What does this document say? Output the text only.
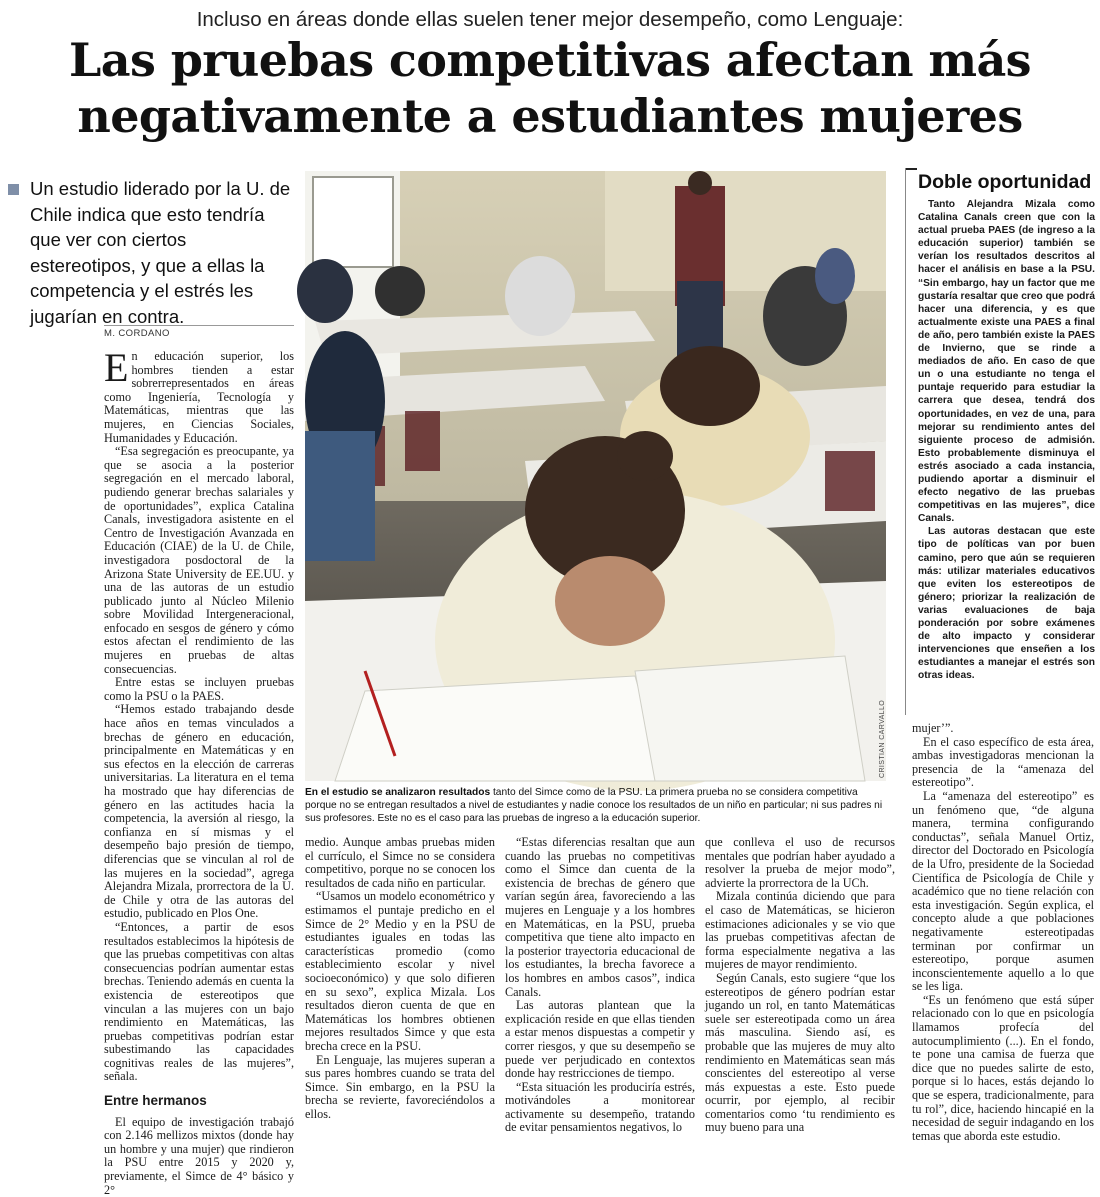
Incluso en áreas donde ellas suelen tener mejor desempeño, como Lenguaje:
Las pruebas competitivas afectan más
negativamente a estudiantes mujeres
Un estudio liderado por la U. de Chile indica que esto tendría que ver con ciertos estereotipos, y que a ellas la competencia y el estrés les jugarían en contra.
M. CORDANO

En educación superior, los hombres tienden a estar sobrerrepresentados en áreas como Ingeniería, Tecnología y Matemáticas, mientras que las mujeres, en Ciencias Sociales, Humanidades y Educación.

“Esa segregación es preocupante, ya que se asocia a la posterior segregación en el mercado laboral, pudiendo generar brechas salariales y de oportunidades”, explica Catalina Canals, investigadora asistente en el Centro de Investigación Avanzada en Educación (CIAE) de la U. de Chile, investigadora posdoctoral de la Arizona State University de EE.UU. y una de las autoras de un estudio publicado junto al Núcleo Milenio sobre Movilidad Intergeneracional, enfocado en sesgos de género y cómo estos afectan el rendimiento de las mujeres en pruebas de altas consecuencias.

Entre estas se incluyen pruebas como la PSU o la PAES.

“Hemos estado trabajando desde hace años en temas vinculados a brechas de género en educación, principalmente en Matemáticas y en sus efectos en la elección de carreras universitarias. La literatura en el tema ha mostrado que hay diferencias de género en las actitudes hacia la competencia, la aversión al riesgo, la confianza en sí mismas y el desempeño bajo presión de tiempo, diferencias que se vinculan al rol de las mujeres en la sociedad”, agrega Alejandra Mizala, prorrectora de la U. de Chile y otra de las autoras del estudio, publicado en Plos One.

“Entonces, a partir de esos resultados establecimos la hipótesis de que las pruebas competitivas con altas consecuencias podrían aumentar estas brechas. Teniendo además en cuenta la existencia de estereotipos que vinculan a las mujeres con un bajo rendimiento en Matemáticas, las pruebas competitivas podrían estar subestimando las capacidades cognitivas reales de las mujeres”, señala.

Entre hermanos

El equipo de investigación trabajó con 2.146 mellizos mixtos (donde hay un hombre y una mujer) que rindieron la PSU entre 2015 y 2020 y, previamente, el Simce de 4° básico y 2°

CRISTIAN CARVALLO
En el estudio se analizaron resultados tanto del Simce como de la PSU. La primera prueba no se considera competitiva porque no se entregan resultados a nivel de estudiantes y nadie conoce los resultados de un niño en particular; ni sus padres ni sus profesores. Este no es el caso para las pruebas de ingreso a la educación superior.

medio. Aunque ambas pruebas miden el currículo, el Simce no se considera competitivo, porque no se conocen los resultados de cada niño en particular.

“Usamos un modelo econométrico y estimamos el puntaje predicho en el Simce de 2° Medio y en la PSU de estudiantes iguales en todas las características promedio (como establecimiento escolar y nivel socioeconómico) y que solo difieren en su sexo”, explica Mizala. Los resultados dieron cuenta de que en Matemáticas los hombres obtienen mejores resultados Simce y que esta brecha crece en la PSU.

En Lenguaje, las mujeres superan a sus pares hombres cuando se trata del Simce. Sin embargo, en la PSU la brecha se revierte, favoreciéndolos a ellos.

“Estas diferencias resaltan que aun cuando las pruebas no competitivas como el Simce dan cuenta de la existencia de brechas de género que varían según área, favoreciendo a las mujeres en Lenguaje y a los hombres en Matemáticas, en la PSU, prueba competitiva que tiene alto impacto en la posterior trayectoria educacional de los estudiantes, la brecha favorece a los hombres en ambos casos”, indica Canals.

Las autoras plantean que la explicación reside en que ellas tienden a estar menos dispuestas a competir y correr riesgos, y que su desempeño se puede ver perjudicado en contextos donde hay restricciones de tiempo.

“Esta situación les produciría estrés, motivándoles a monitorear activamente su desempeño, tratando de evitar pensamientos negativos, lo

que conlleva el uso de recursos mentales que podrían haber ayudado a resolver la prueba de mejor modo”, advierte la prorrectora de la UCh.

Mizala continúa diciendo que para el caso de Matemáticas, se hicieron estimaciones adicionales y se vio que las pruebas competitivas afectan de forma especialmente negativa a las mujeres de mayor rendimiento.

Según Canals, esto sugiere “que los estereotipos de género podrían estar jugando un rol, en tanto Matemáticas suele ser estereotipada como un área más masculina. Siendo así, es probable que las mujeres de muy alto rendimiento en Matemáticas sean más conscientes del estereotipo al verse más expuestas a este. Esto puede ocurrir, por ejemplo, al recibir comentarios como ‘tu rendimiento es muy bueno para una

Doble oportunidad

Tanto Alejandra Mizala como Catalina Canals creen que con la actual prueba PAES (de ingreso a la educación superior) también se verían los resultados descritos al hacer el análisis en base a la PSU. “Sin embargo, hay un factor que me gustaría resaltar que creo que podrá hacer una diferencia, y es que actualmente existe una PAES a final de año, pero también existe la PAES de Invierno, que se rinde a mediados de año. En caso de que un o una estudiante no tenga el puntaje requerido para estudiar la carrera que desea, tendrá dos oportunidades, en vez de una, para mejorar su rendimiento antes del siguiente proceso de admisión. Esto probablemente disminuya el estrés asociado a cada instancia, pudiendo aportar a disminuir el efecto negativo de las pruebas competitivas en las mujeres”, dice Canals.

Las autoras destacan que este tipo de políticas van por buen camino, pero que aún se requieren más: utilizar materiales educativos que eviten los estereotipos de género; priorizar la realización de varias evaluaciones de baja ponderación por sobre exámenes de alto impacto y considerar intervenciones que enseñen a los estudiantes a manejar el estrés son otras ideas.

mujer’”.

En el caso específico de esta área, ambas investigadoras mencionan la presencia de la “amenaza del estereotipo”.

La “amenaza del estereotipo” es un fenómeno que, “de alguna manera, termina configurando conductas”, señala Manuel Ortiz, director del Doctorado en Psicología de la Ufro, presidente de la Sociedad Científica de Psicología de Chile y académico que no tiene relación con esta investigación. Según explica, el concepto alude a que poblaciones negativamente estereotipadas terminan por confirmar un estereotipo, porque asumen inconscientemente aquello a lo que se les liga.

“Es un fenómeno que está súper relacionado con lo que en psicología llamamos profecía del autocumplimiento (...). En el fondo, te pone una camisa de fuerza que dice que no puedes salirte de esto, porque si lo haces, estás dejando lo que se espera, tradicionalmente, para tu rol”, dice, haciendo hincapié en la necesidad de seguir indagando en los temas que aborda este estudio.
